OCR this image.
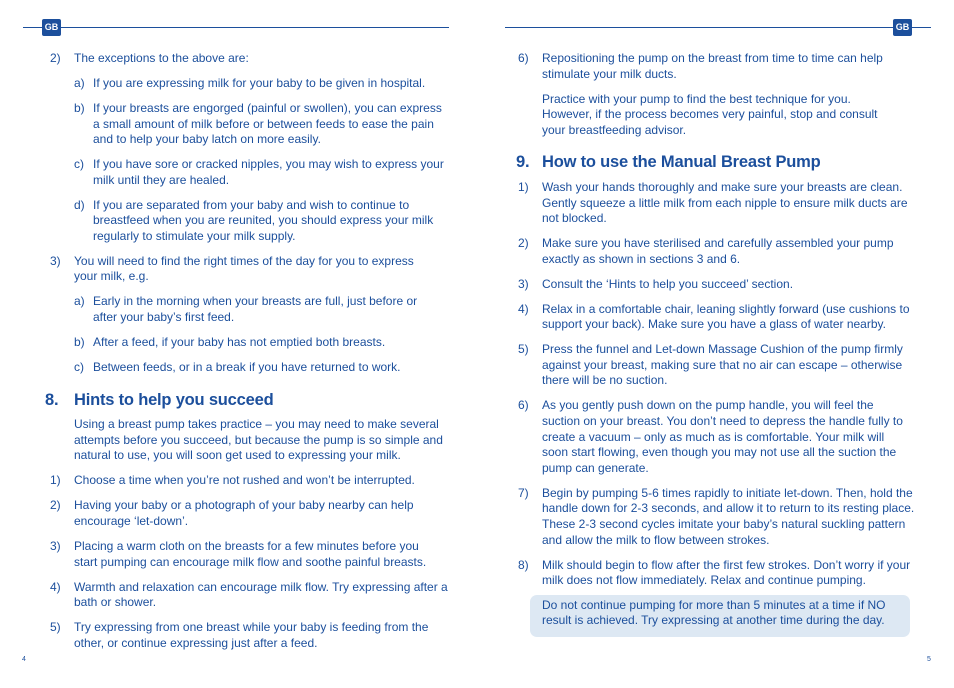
GB	GB
2)	The exceptions to the above are:
a) If you are expressing milk for your baby to be given in hospital.
b) If your breasts are engorged (painful or swollen), you can express a small amount of milk before or between feeds to ease the pain and to help your baby latch on more easily.
c) If you have sore or cracked nipples, you may wish to express your milk until they are healed.
d) If you are separated from your baby and wish to continue to breastfeed when you are reunited, you should express your milk regularly to stimulate your milk supply.
3)	You will need to find the right times of the day for you to express your milk, e.g.
a) Early in the morning when your breasts are full, just before or after your baby’s first feed.
b) After a feed, if your baby has not emptied both breasts.
c) Between feeds, or in a break if you have returned to work.
8. Hints to help you succeed
Using a breast pump takes practice – you may need to make several attempts before you succeed, but because the pump is so simple and natural to use, you will soon get used to expressing your milk.
1)	Choose a time when you’re not rushed and won’t be interrupted.
2)	Having your baby or a photograph of your baby nearby can help encourage ‘let-down’.
3)	Placing a warm cloth on the breasts for a few minutes before you start pumping can encourage milk flow and soothe painful breasts.
4)	Warmth and relaxation can encourage milk flow. Try expressing after a bath or shower.
5)	Try expressing from one breast while your baby is feeding from the other, or continue expressing just after a feed.
6)	Repositioning the pump on the breast from time to time can help stimulate your milk ducts.
Practice with your pump to find the best technique for you. However, if the process becomes very painful, stop and consult your breastfeeding advisor.
9. How to use the Manual Breast Pump
1)	Wash your hands thoroughly and make sure your breasts are clean. Gently squeeze a little milk from each nipple to ensure milk ducts are not blocked.
2)	Make sure you have sterilised and carefully assembled your pump exactly as shown in sections 3 and 6.
3)	Consult the ‘Hints to help you succeed’ section.
4)	Relax in a comfortable chair, leaning slightly forward (use cushions to support your back). Make sure you have a glass of water nearby.
5)	Press the funnel and Let-down Massage Cushion of the pump firmly against your breast, making sure that no air can escape – otherwise there will be no suction.
6)	As you gently push down on the pump handle, you will feel the suction on your breast. You don’t need to depress the handle fully to create a vacuum – only as much as is comfortable. Your milk will soon start flowing, even though you may not use all the suction the pump can generate.
7)	Begin by pumping 5-6 times rapidly to initiate let-down. Then, hold the handle down for 2-3 seconds, and allow it to return to its resting place. These 2-3 second cycles imitate your baby’s natural suckling pattern and allow the milk to flow between strokes.
8)	Milk should begin to flow after the first few strokes. Don’t worry if your milk does not flow immediately. Relax and continue pumping.
Do not continue pumping for more than 5 minutes at a time if NO result is achieved. Try expressing at another time during the day.
4	5
